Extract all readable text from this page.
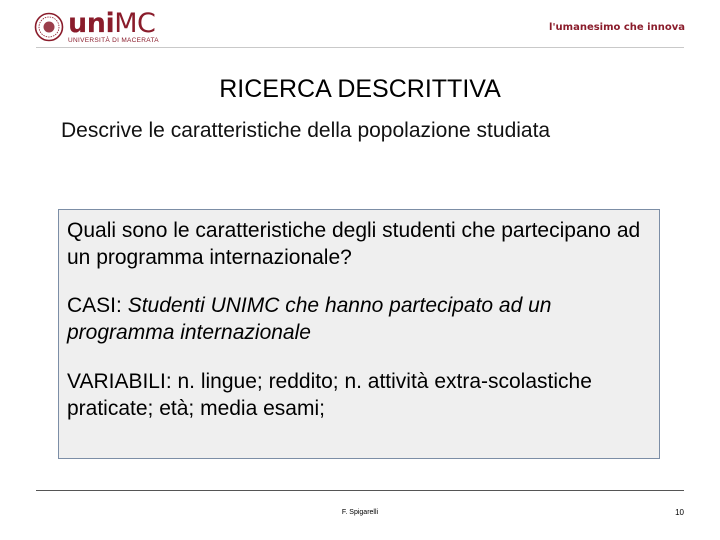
uniMC
UNIVERSITÀ DI MACERATA
l'umanesimo che innova
RICERCA DESCRITTIVA
Descrive le caratteristiche della popolazione studiata

Quali sono le caratteristiche degli studenti che partecipano ad un programma internazionale?

CASI: Studenti UNIMC che hanno partecipato ad un programma internazionale

VARIABILI: n. lingue; reddito; n. attività extra-scolastiche praticate; età; media esami;

F. Spigarelli	10
